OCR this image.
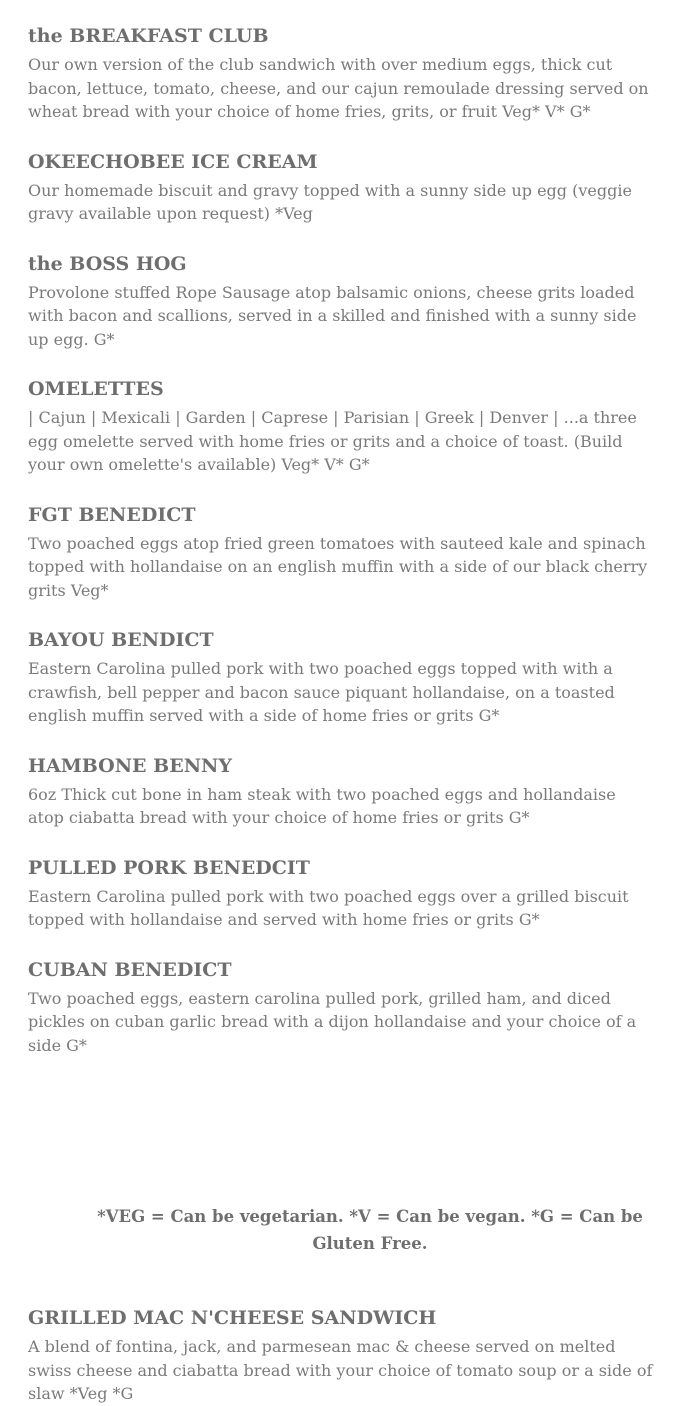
the BREAKFAST CLUB

Our own version of the club sandwich with over medium eggs, thick cut bacon, lettuce, tomato, cheese, and our cajun remoulade dressing served on wheat bread with your choice of home fries, grits, or fruit Veg* V* G*

OKEECHOBEE ICE CREAM

Our homemade biscuit and gravy topped with a sunny side up egg (veggie gravy available upon request) *Veg

the BOSS HOG

Provolone stuffed Rope Sausage atop balsamic onions, cheese grits loaded with bacon and scallions, served in a skilled and finished with a sunny side up egg. G*

OMELETTES

| Cajun | Mexicali | Garden | Caprese | Parisian | Greek | Denver | ...a three egg omelette served with home fries or grits and a choice of toast. (Build your own omelette's available) Veg* V* G*

FGT BENEDICT

Two poached eggs atop fried green tomatoes with sauteed kale and spinach topped with hollandaise on an english muffin with a side of our black cherry grits Veg*

BAYOU BENDICT

Eastern Carolina pulled pork with two poached eggs topped with with a crawfish, bell pepper and bacon sauce piquant hollandaise, on a toasted english muffin served with a side of home fries or grits G*

HAMBONE BENNY

6oz Thick cut bone in ham steak with two poached eggs and hollandaise atop ciabatta bread with your choice of home fries or grits G*

PULLED PORK BENEDCIT

Eastern Carolina pulled pork with two poached eggs over a grilled biscuit topped with hollandaise and served with home fries or grits G*

CUBAN BENEDICT

Two poached eggs, eastern carolina pulled pork, grilled ham, and diced pickles on cuban garlic bread with a dijon hollandaise and your choice of a side G*

*VEG = Can be vegetarian. *V = Can be vegan. *G = Can be Gluten Free.
GRILLED MAC N'CHEESE SANDWICH

A blend of fontina, jack, and parmesean mac & cheese served on melted swiss cheese and ciabatta bread with your choice of tomato soup or a side of slaw *Veg *G
